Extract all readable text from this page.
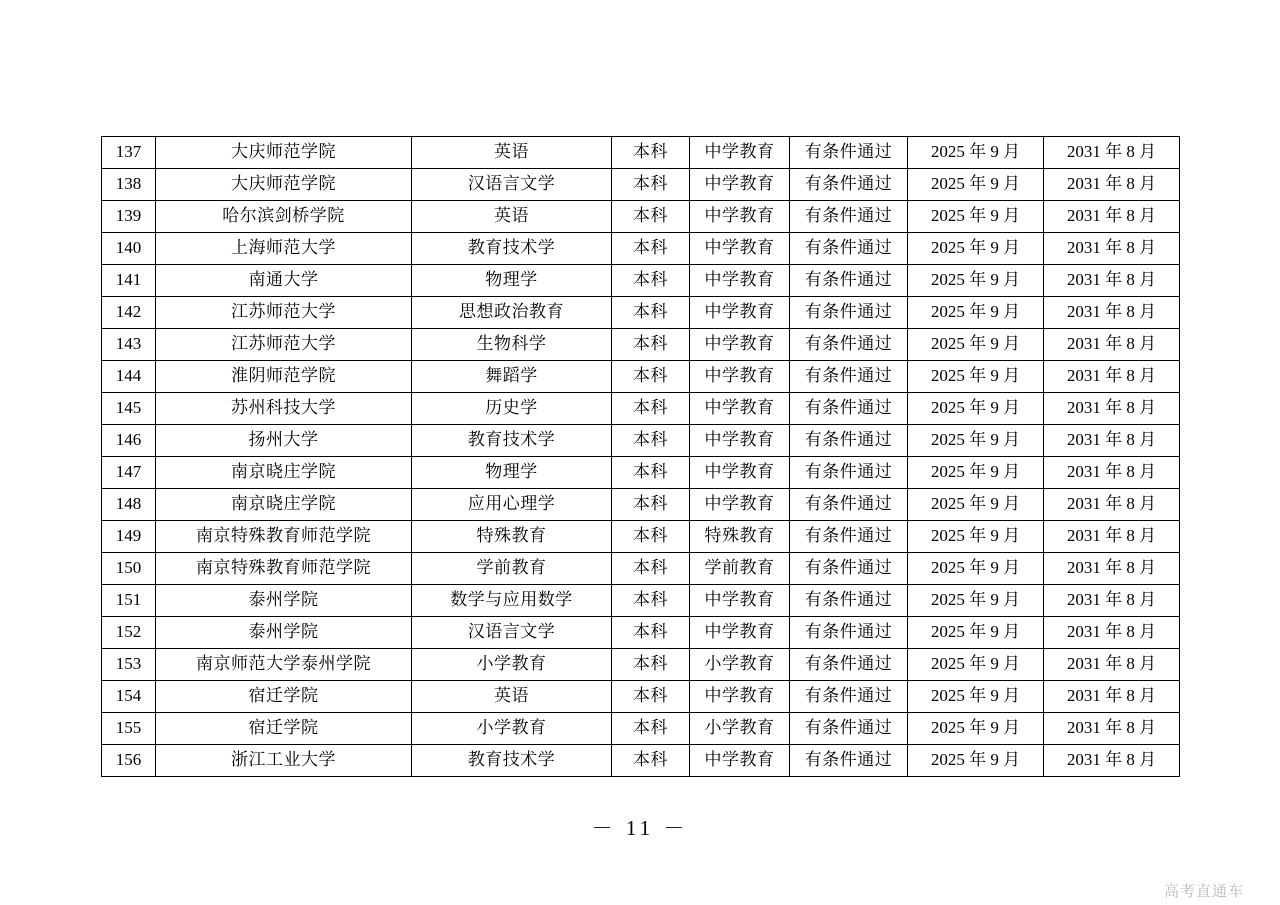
137	大庆师范学院	英语	本科	中学教育	有条件通过	2025 年 9 月	2031 年 8 月
138	大庆师范学院	汉语言文学	本科	中学教育	有条件通过	2025 年 9 月	2031 年 8 月
139	哈尔滨剑桥学院	英语	本科	中学教育	有条件通过	2025 年 9 月	2031 年 8 月
140	上海师范大学	教育技术学	本科	中学教育	有条件通过	2025 年 9 月	2031 年 8 月
141	南通大学	物理学	本科	中学教育	有条件通过	2025 年 9 月	2031 年 8 月
142	江苏师范大学	思想政治教育	本科	中学教育	有条件通过	2025 年 9 月	2031 年 8 月
143	江苏师范大学	生物科学	本科	中学教育	有条件通过	2025 年 9 月	2031 年 8 月
144	淮阴师范学院	舞蹈学	本科	中学教育	有条件通过	2025 年 9 月	2031 年 8 月
145	苏州科技大学	历史学	本科	中学教育	有条件通过	2025 年 9 月	2031 年 8 月
146	扬州大学	教育技术学	本科	中学教育	有条件通过	2025 年 9 月	2031 年 8 月
147	南京晓庄学院	物理学	本科	中学教育	有条件通过	2025 年 9 月	2031 年 8 月
148	南京晓庄学院	应用心理学	本科	中学教育	有条件通过	2025 年 9 月	2031 年 8 月
149	南京特殊教育师范学院	特殊教育	本科	特殊教育	有条件通过	2025 年 9 月	2031 年 8 月
150	南京特殊教育师范学院	学前教育	本科	学前教育	有条件通过	2025 年 9 月	2031 年 8 月
151	泰州学院	数学与应用数学	本科	中学教育	有条件通过	2025 年 9 月	2031 年 8 月
152	泰州学院	汉语言文学	本科	中学教育	有条件通过	2025 年 9 月	2031 年 8 月
153	南京师范大学泰州学院	小学教育	本科	小学教育	有条件通过	2025 年 9 月	2031 年 8 月
154	宿迁学院	英语	本科	中学教育	有条件通过	2025 年 9 月	2031 年 8 月
155	宿迁学院	小学教育	本科	小学教育	有条件通过	2025 年 9 月	2031 年 8 月
156	浙江工业大学	教育技术学	本科	中学教育	有条件通过	2025 年 9 月	2031 年 8 月
－ 11 －
高考直通车
